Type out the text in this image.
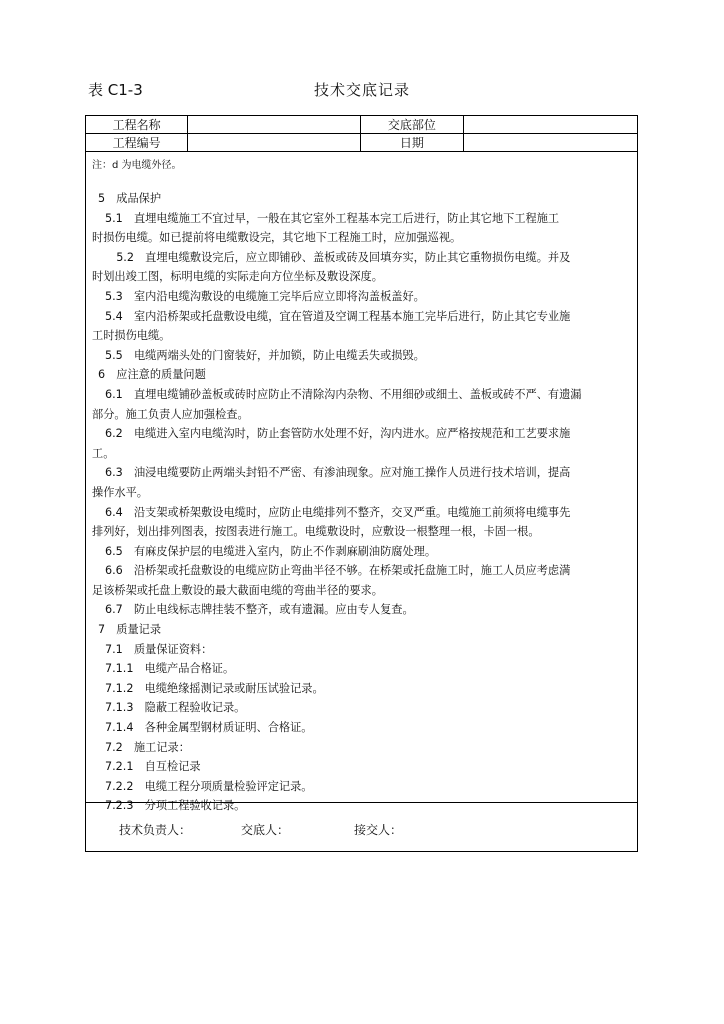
表 C1-3	技术交底记录
工程名称		交底部位	
工程编号		日期	
注：d 为电缆外径。
5　成品保护
5.1　直埋电缆施工不宜过早，一般在其它室外工程基本完工后进行，防止其它地下工程施工
时损伤电缆。如已提前将电缆敷设完，其它地下工程施工时，应加强巡视。
　5.2　直埋电缆敷设完后，应立即铺砂、盖板或砖及回填夯实，防止其它重物损伤电缆。并及
时划出竣工图，标明电缆的实际走向方位坐标及敷设深度。
5.3　室内沿电缆沟敷设的电缆施工完毕后应立即将沟盖板盖好。
5.4　室内沿桥架或托盘敷设电缆，宜在管道及空调工程基本施工完毕后进行，防止其它专业施
工时损伤电缆。
5.5　电缆两端头处的门窗装好，并加锁，防止电缆丢失或损毁。
6　应注意的质量问题
6.1　直埋电缆铺砂盖板或砖时应防止不清除沟内杂物、不用细砂或细土、盖板或砖不严、有遗漏
部分。施工负责人应加强检查。
6.2　电缆进入室内电缆沟时，防止套管防水处理不好，沟内进水。应严格按规范和工艺要求施
工。
6.3　油浸电缆要防止两端头封铅不严密、有渗油现象。应对施工操作人员进行技术培训，提高
操作水平。
6.4　沿支架或桥架敷设电缆时，应防止电缆排列不整齐，交叉严重。电缆施工前须将电缆事先
排列好，划出排列图表，按图表进行施工。电缆敷设时，应敷设一根整理一根，卡固一根。
6.5　有麻皮保护层的电缆进入室内，防止不作剥麻刷油防腐处理。
6.6　沿桥架或托盘敷设的电缆应防止弯曲半径不够。在桥架或托盘施工时，施工人员应考虑满
足该桥架或托盘上敷设的最大截面电缆的弯曲半径的要求。
6.7　防止电线标志牌挂装不整齐，或有遗漏。应由专人复查。
7　质量记录
7.1　质量保证资料：
7.1.1　电缆产品合格证。
7.1.2　电缆绝缘摇测记录或耐压试验记录。
7.1.3　隐蔽工程验收记录。
7.1.4　各种金属型钢材质证明、合格证。
7.2　施工记录：
7.2.1　自互检记录
7.2.2　电缆工程分项质量检验评定记录。
7.2.3　分项工程验收记录。
技术负责人：	交底人：	接交人：
